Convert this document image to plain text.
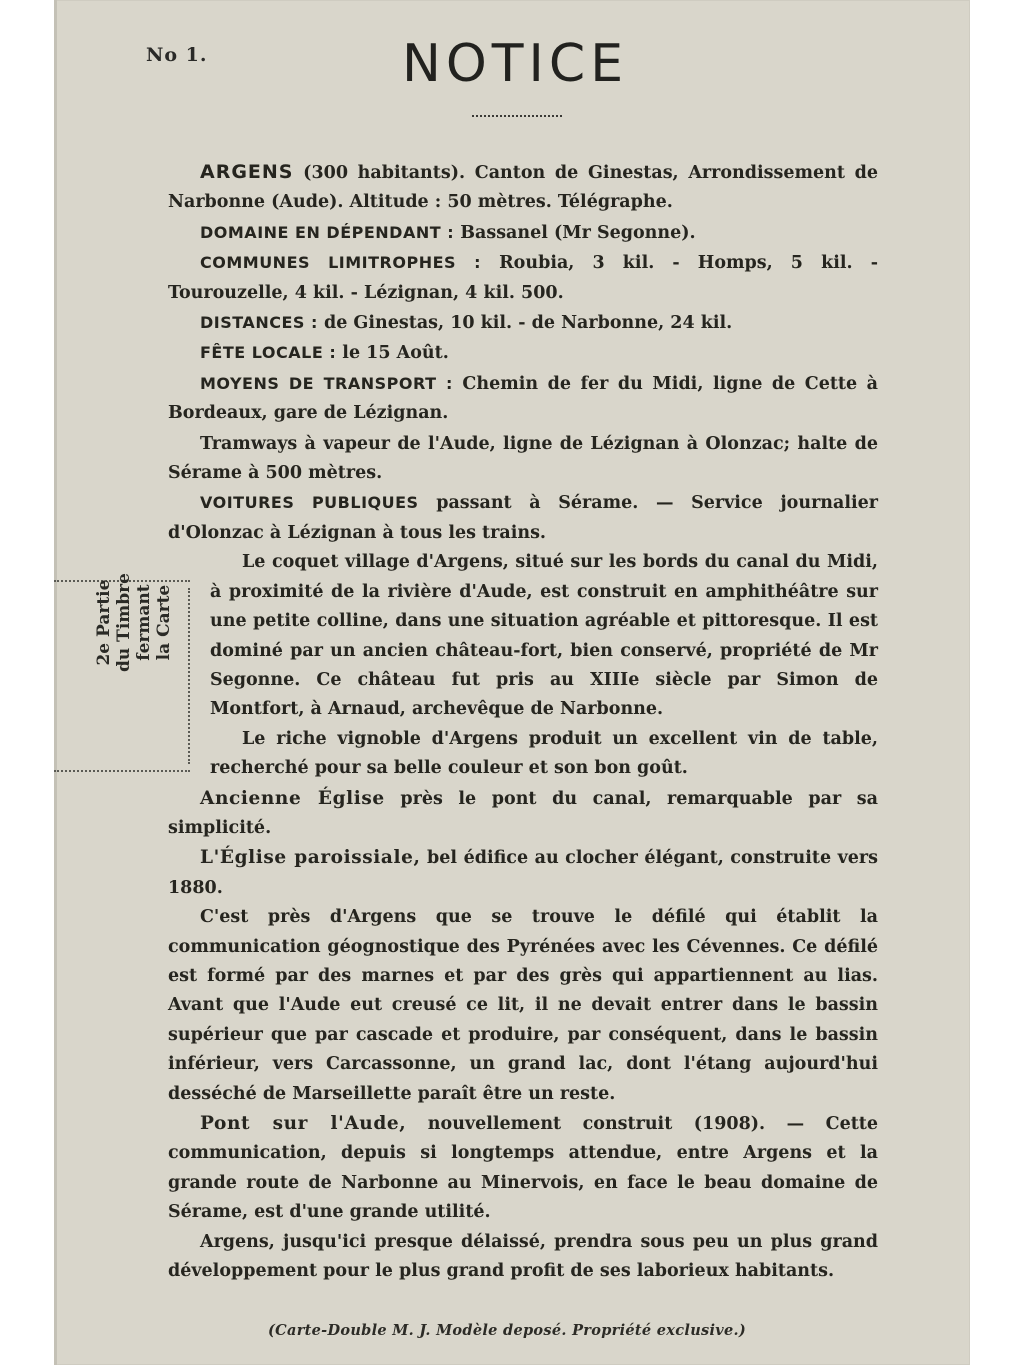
No 1.	NOTICE
2e Partie du Timbre fermant la Carte

ARGENS (300 habitants). Canton de Ginestas, Arrondissement de Narbonne (Aude). Altitude : 50 mètres. Télégraphe.

DOMAINE EN DÉPENDANT : Bassanel (Mr Segonne).

COMMUNES LIMITROPHES : Roubia, 3 kil. - Homps, 5 kil. - Tourouzelle, 4 kil. - Lézignan, 4 kil. 500.

DISTANCES : de Ginestas, 10 kil. - de Narbonne, 24 kil.

FÊTE LOCALE : le 15 Août.

MOYENS DE TRANSPORT : Chemin de fer du Midi, ligne de Cette à Bordeaux, gare de Lézignan.

Tramways à vapeur de l'Aude, ligne de Lézignan à Olonzac; halte de Sérame à 500 mètres.

VOITURES PUBLIQUES passant à Sérame. — Service journalier d'Olonzac à Lézignan à tous les trains.

Le coquet village d'Argens, situé sur les bords du canal du Midi, à proximité de la rivière d'Aude, est construit en amphithéâtre sur une petite colline, dans une situation agréable et pittoresque. Il est dominé par un ancien château-fort, bien conservé, propriété de Mr Segonne. Ce château fut pris au XIIIe siècle par Simon de Montfort, à Arnaud, archevêque de Narbonne.

Le riche vignoble d'Argens produit un excellent vin de table, recherché pour sa belle couleur et son bon goût.

Ancienne Église près le pont du canal, remarquable par sa simplicité.

L'Église paroissiale, bel édifice au clocher élégant, construite vers 1880.

C'est près d'Argens que se trouve le défilé qui établit la communication géognostique des Pyrénées avec les Cévennes. Ce défilé est formé par des marnes et par des grès qui appartiennent au lias. Avant que l'Aude eut creusé ce lit, il ne devait entrer dans le bassin supérieur que par cascade et produire, par conséquent, dans le bassin inférieur, vers Carcassonne, un grand lac, dont l'étang aujourd'hui desséché de Marseillette paraît être un reste.

Pont sur l'Aude, nouvellement construit (1908). — Cette communication, depuis si longtemps attendue, entre Argens et la grande route de Narbonne au Minervois, en face le beau domaine de Sérame, est d'une grande utilité.

Argens, jusqu'ici presque délaissé, prendra sous peu un plus grand développement pour le plus grand profit de ses laborieux habitants.

(Carte-Double M. J. Modèle deposé. Propriété exclusive.)
